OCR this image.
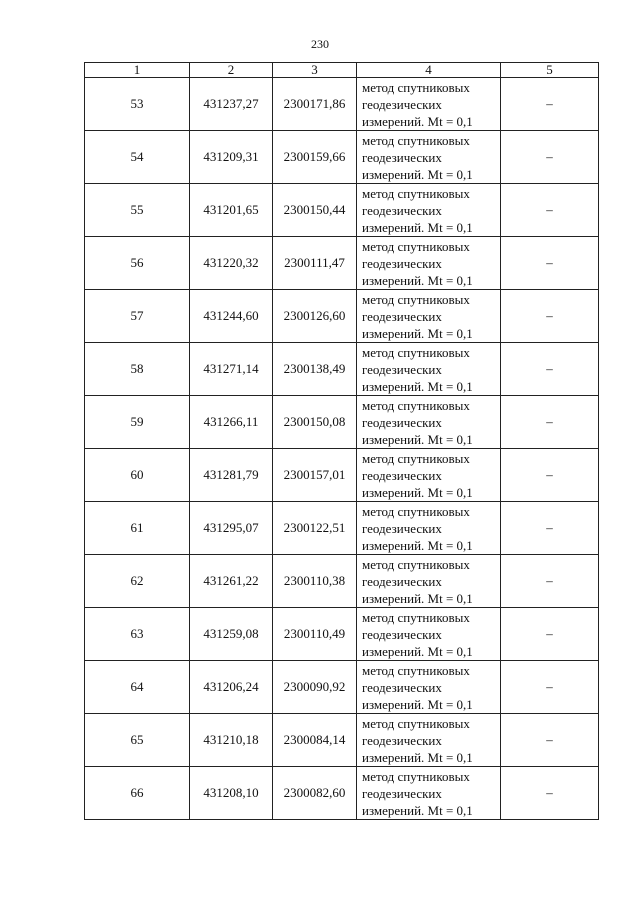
230
1	2	3	4	5
53	431237,27	2300171,86	метод спутниковых
геодезических
измерений. Mt = 0,1	–
54	431209,31	2300159,66	метод спутниковых
геодезических
измерений. Mt = 0,1	–
55	431201,65	2300150,44	метод спутниковых
геодезических
измерений. Mt = 0,1	–
56	431220,32	2300111,47	метод спутниковых
геодезических
измерений. Mt = 0,1	–
57	431244,60	2300126,60	метод спутниковых
геодезических
измерений. Mt = 0,1	–
58	431271,14	2300138,49	метод спутниковых
геодезических
измерений. Mt = 0,1	–
59	431266,11	2300150,08	метод спутниковых
геодезических
измерений. Mt = 0,1	–
60	431281,79	2300157,01	метод спутниковых
геодезических
измерений. Mt = 0,1	–
61	431295,07	2300122,51	метод спутниковых
геодезических
измерений. Mt = 0,1	–
62	431261,22	2300110,38	метод спутниковых
геодезических
измерений. Mt = 0,1	–
63	431259,08	2300110,49	метод спутниковых
геодезических
измерений. Mt = 0,1	–
64	431206,24	2300090,92	метод спутниковых
геодезических
измерений. Mt = 0,1	–
65	431210,18	2300084,14	метод спутниковых
геодезических
измерений. Mt = 0,1	–
66	431208,10	2300082,60	метод спутниковых
геодезических
измерений. Mt = 0,1	–
